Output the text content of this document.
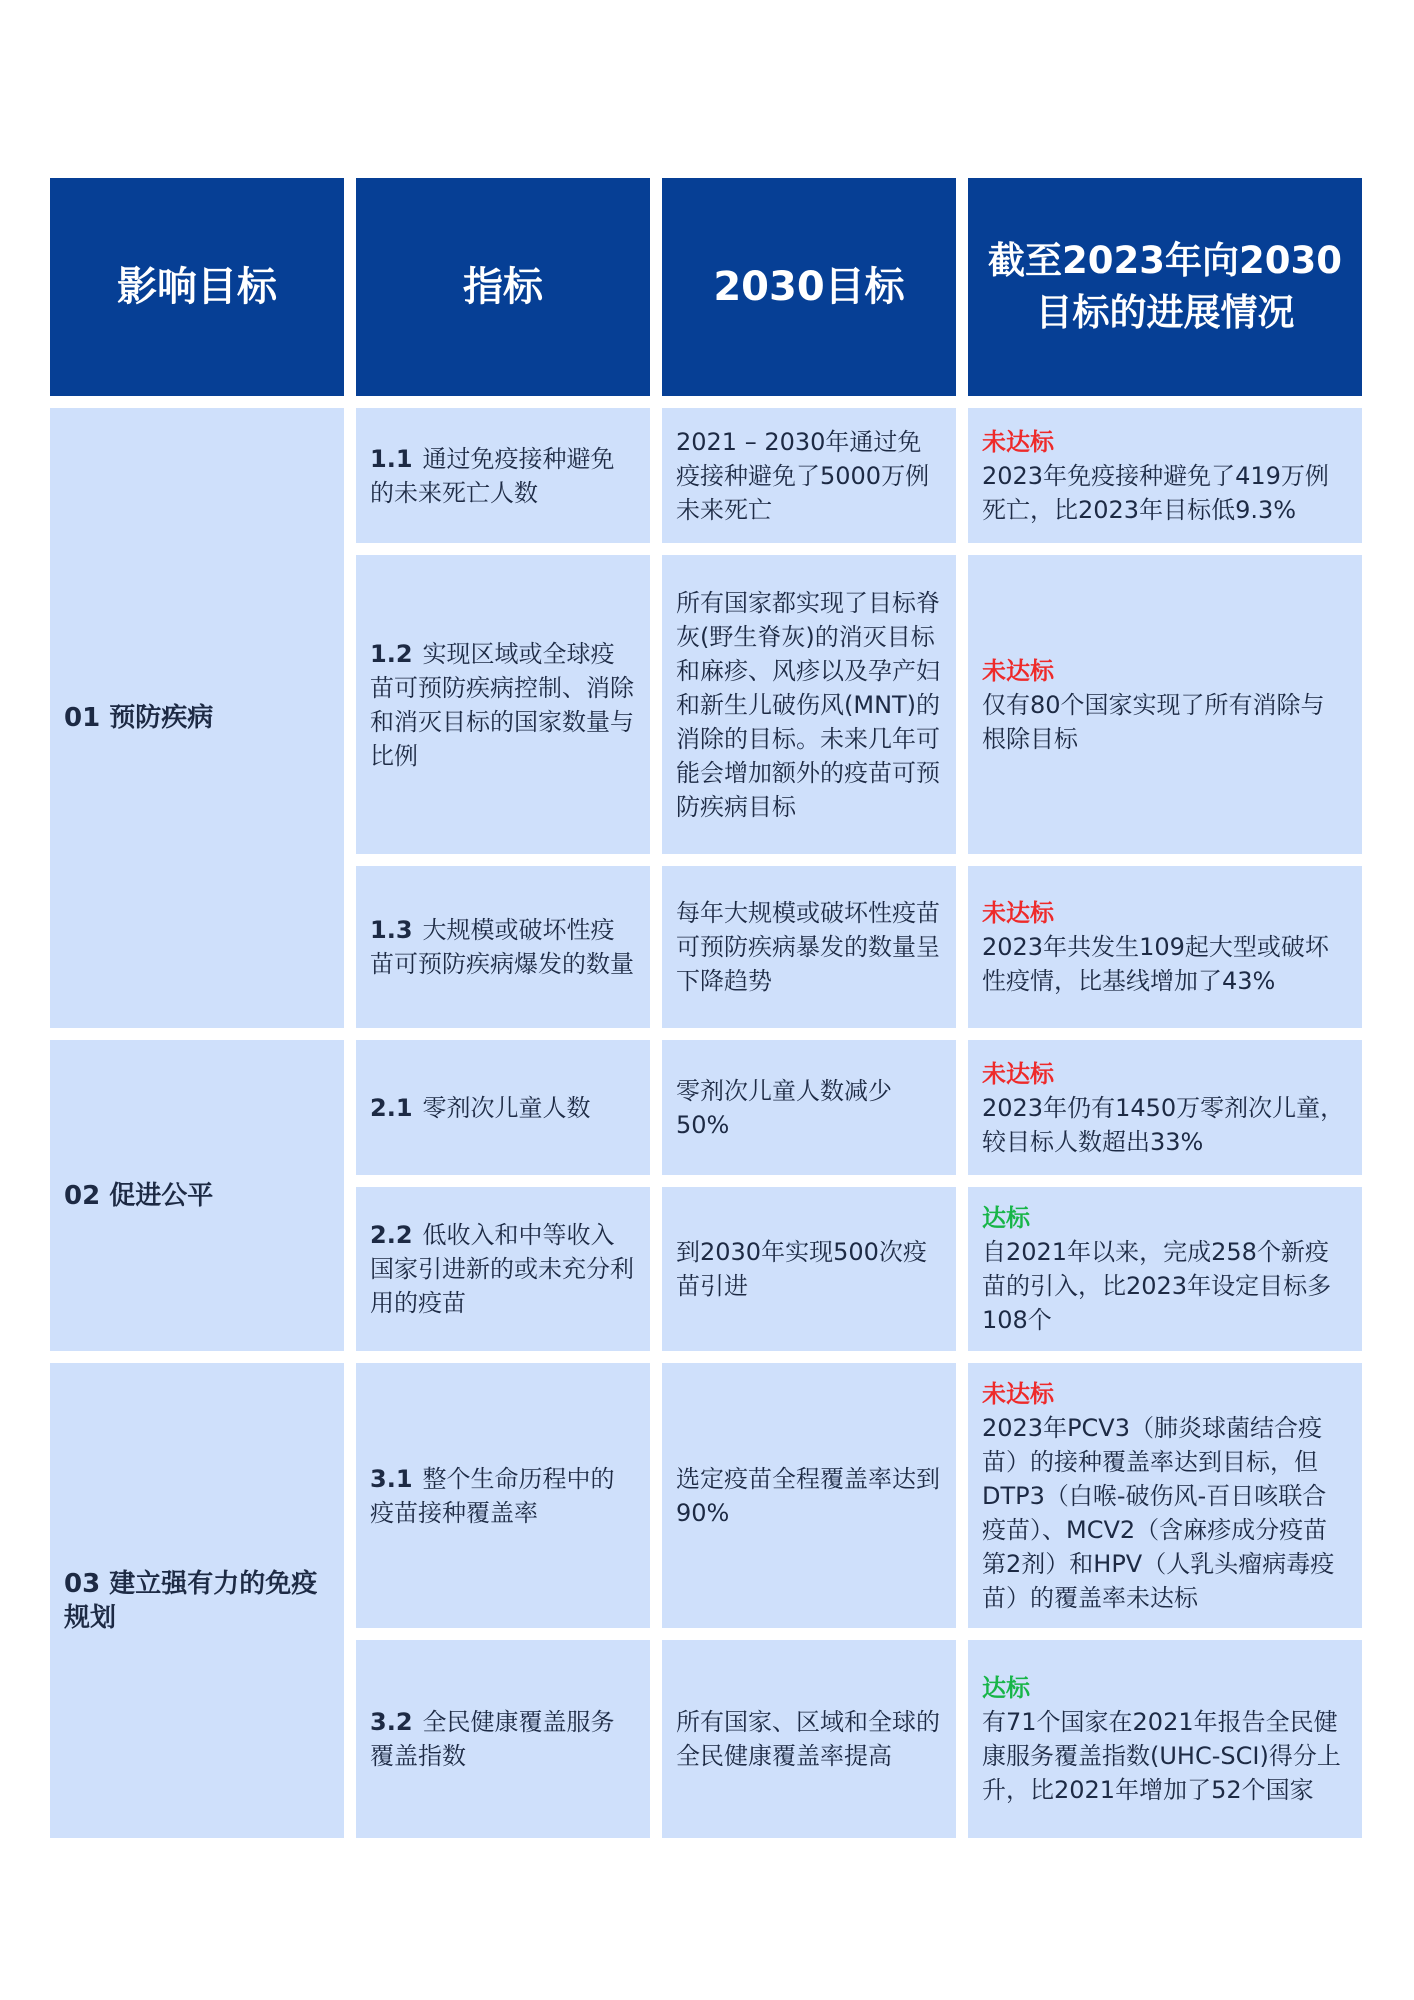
影响目标	指标	2030目标
截至2023年向2030
目标的进展情况
01 预防疾病
02 促进公平
03 建立强有力的免疫规划
1.1 通过免疫接种避免的未来死亡人数
2021 – 2030年通过免疫接种避免了5000万例未来死亡
未达标
2023年免疫接种避免了419万例死亡，比2023年目标低9.3%
1.2 实现区域或全球疫苗可预防疾病控制、消除和消灭目标的国家数量与比例
所有国家都实现了目标脊灰(野生脊灰)的消灭目标和麻疹、风疹以及孕产妇和新生儿破伤风(MNT)的消除的目标。未来几年可能会增加额外的疫苗可预防疾病目标
未达标
仅有80个国家实现了所有消除与根除目标
1.3 大规模或破坏性疫苗可预防疾病爆发的数量
每年大规模或破坏性疫苗可预防疾病暴发的数量呈下降趋势
未达标
2023年共发生109起大型或破坏性疫情，比基线增加了43%
2.1 零剂次儿童人数
零剂次儿童人数减少50%
未达标
2023年仍有1450万零剂次儿童，较目标人数超出33%
2.2 低收入和中等收入国家引进新的或未充分利用的疫苗
到2030年实现500次疫苗引进
达标
自2021年以来，完成258个新疫苗的引入，比2023年设定目标多108个
3.1 整个生命历程中的疫苗接种覆盖率
选定疫苗全程覆盖率达到90%
未达标
2023年PCV3（肺炎球菌结合疫苗）的接种覆盖率达到目标，但DTP3（白喉-破伤风-百日咳联合疫苗）、MCV2（含麻疹成分疫苗第2剂）和HPV（人乳头瘤病毒疫苗）的覆盖率未达标
3.2 全民健康覆盖服务覆盖指数
所有国家、区域和全球的全民健康覆盖率提高
达标
有71个国家在2021年报告全民健康服务覆盖指数(UHC-SCI)得分上升，比2021年增加了52个国家
